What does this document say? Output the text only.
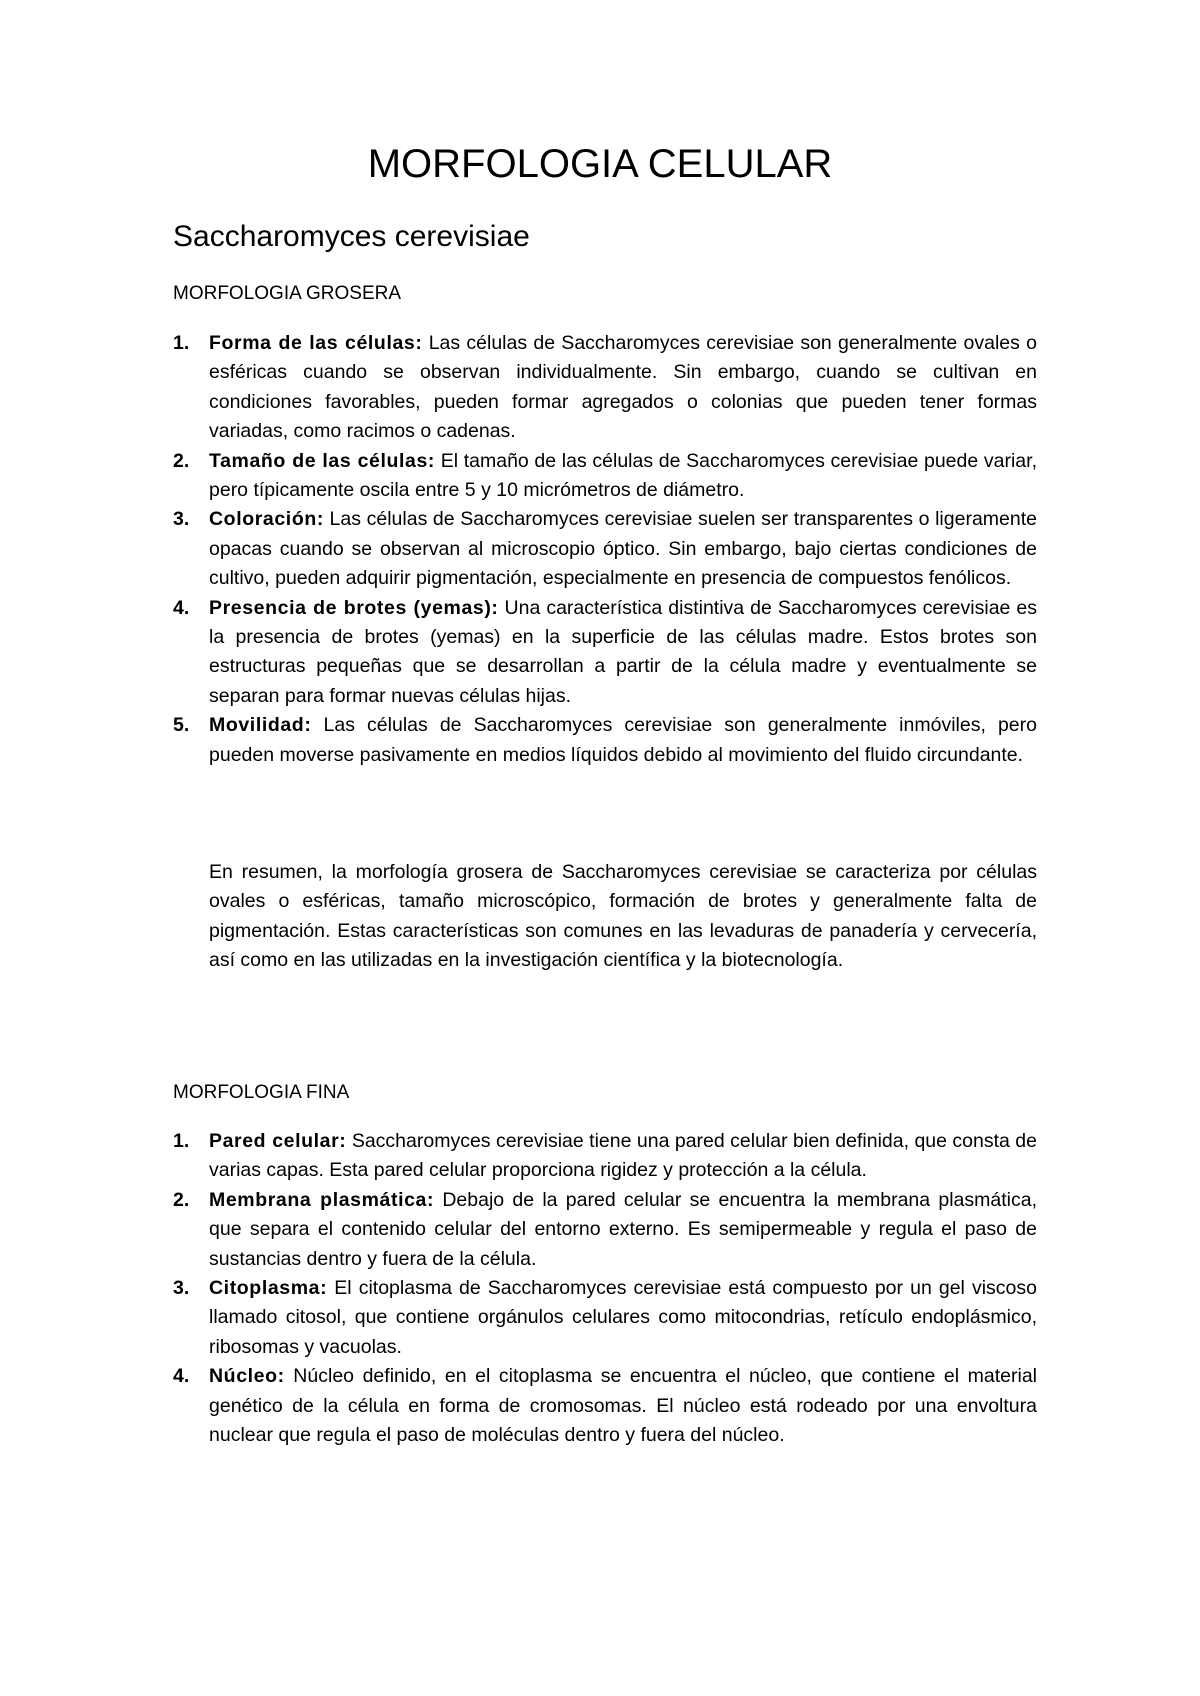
MORFOLOGIA CELULAR
Saccharomyces cerevisiae
MORFOLOGIA GROSERA
1. Forma de las células: Las células de Saccharomyces cerevisiae son generalmente ovales o esféricas cuando se observan individualmente. Sin embargo, cuando se cultivan en condiciones favorables, pueden formar agregados o colonias que pueden tener formas variadas, como racimos o cadenas.
2. Tamaño de las células: El tamaño de las células de Saccharomyces cerevisiae puede variar, pero típicamente oscila entre 5 y 10 micrómetros de diámetro.
3. Coloración: Las células de Saccharomyces cerevisiae suelen ser transparentes o ligeramente opacas cuando se observan al microscopio óptico. Sin embargo, bajo ciertas condiciones de cultivo, pueden adquirir pigmentación, especialmente en presencia de compuestos fenólicos.
4. Presencia de brotes (yemas): Una característica distintiva de Saccharomyces cerevisiae es la presencia de brotes (yemas) en la superficie de las células madre. Estos brotes son estructuras pequeñas que se desarrollan a partir de la célula madre y eventualmente se separan para formar nuevas células hijas.
5. Movilidad: Las células de Saccharomyces cerevisiae son generalmente inmóviles, pero pueden moverse pasivamente en medios líquidos debido al movimiento del fluido circundante.

En resumen, la morfología grosera de Saccharomyces cerevisiae se caracteriza por células ovales o esféricas, tamaño microscópico, formación de brotes y generalmente falta de pigmentación. Estas características son comunes en las levaduras de panadería y cervecería, así como en las utilizadas en la investigación científica y la biotecnología.

MORFOLOGIA FINA
1. Pared celular: Saccharomyces cerevisiae tiene una pared celular bien definida, que consta de varias capas. Esta pared celular proporciona rigidez y protección a la célula.
2. Membrana plasmática: Debajo de la pared celular se encuentra la membrana plasmática, que separa el contenido celular del entorno externo. Es semipermeable y regula el paso de sustancias dentro y fuera de la célula.
3. Citoplasma: El citoplasma de Saccharomyces cerevisiae está compuesto por un gel viscoso llamado citosol, que contiene orgánulos celulares como mitocondrias, retículo endoplásmico, ribosomas y vacuolas.
4. Núcleo: Núcleo definido, en el citoplasma se encuentra el núcleo, que contiene el material genético de la célula en forma de cromosomas. El núcleo está rodeado por una envoltura nuclear que regula el paso de moléculas dentro y fuera del núcleo.
